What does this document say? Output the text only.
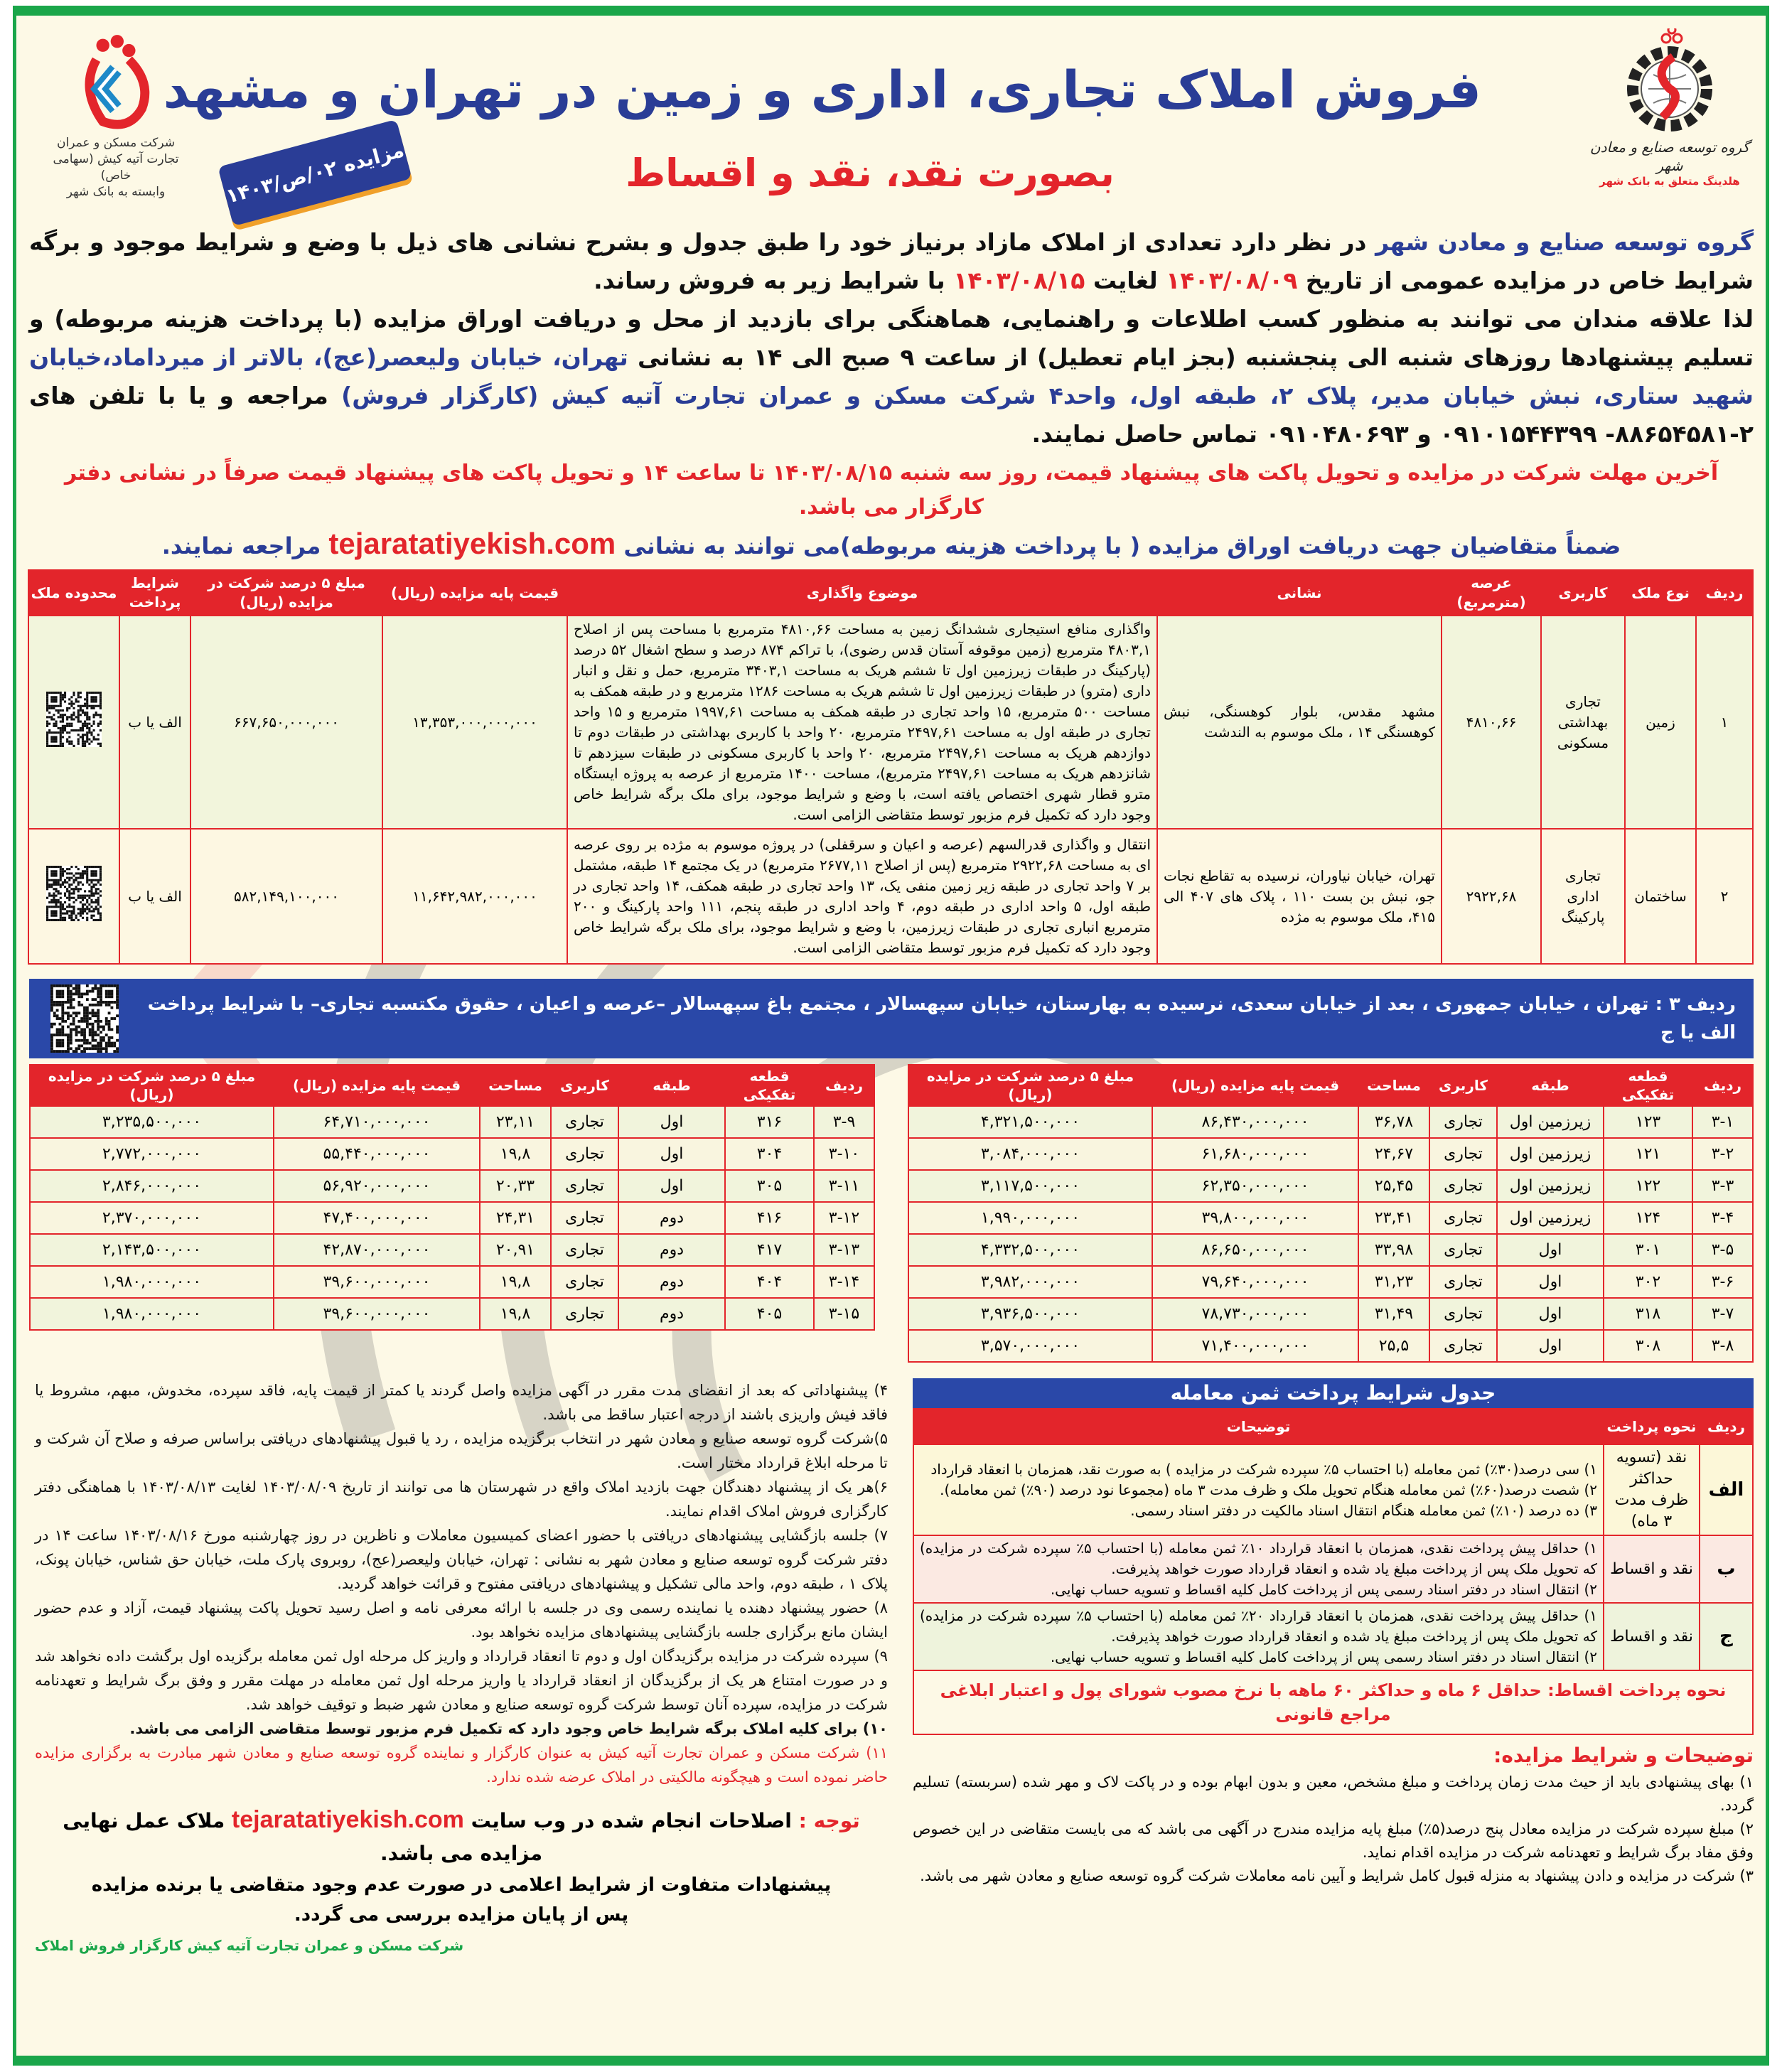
گروه توسعه صنایع و معادن شهر
هلدینگ متعلق به بانک شهر
شرکت مسکن و عمران
تجارت آتیه کیش (سهامی خاص)
وابسته به بانک شهر
فروش املاک تجاری، اداری و زمین در تهران و مشهد
بصورت نقد، نقد و اقساط
مزایده ۰۲/ص/۱۴۰۳
گروه توسعه صنایع و معادن شهر در نظر دارد تعدادی از املاک مازاد برنیاز خود را طبق جدول و بشرح نشانی های ذیل با وضع و شرایط موجود و برگه شرایط خاص در مزایده عمومی از تاریخ ۱۴۰۳/۰۸/۰۹ لغایت ۱۴۰۳/۰۸/۱۵ با شرایط زیر به فروش رساند.
لذا علاقه مندان می توانند به منظور کسب اطلاعات و راهنمایی، هماهنگی برای بازدید از محل و دریافت اوراق مزایده (با پرداخت هزینه مربوطه) و تسلیم پیشنهادها روزهای شنبه الی پنجشنبه (بجز ایام تعطیل) از ساعت ۹ صبح الی ۱۴ به نشانی تهران، خیابان ولیعصر(عج)، بالاتر از میرداماد،خیابان شهید ستاری، نبش خیابان مدیر، پلاک ۲، طبقه اول، واحد۴ شرکت مسکن و عمران تجارت آتیه کیش (کارگزار فروش) مراجعه و یا با تلفن های ۲-۸۸۶۵۴۵۸۱- ۰۹۱۰۱۵۴۴۳۹۹ و ۰۹۱۰۴۸۰۶۹۳ تماس حاصل نمایند.
آخرین مهلت شرکت در مزایده و تحویل پاکت های پیشنهاد قیمت، روز سه شنبه ۱۴۰۳/۰۸/۱۵ تا ساعت ۱۴ و تحویل پاکت های پیشنهاد قیمت صرفاً در نشانی دفتر کارگزار می باشد.
ضمناً متقاضیان جهت دریافت اوراق مزایده ( با پرداخت هزینه مربوطه)می توانند به نشانی tejaratatiyekish.com مراجعه نمایند.
ردیف	نوع ملک	کاربری	عرصه (مترمربع)	نشانی	موضوع واگذاری	قیمت پایه مزایده (ریال)	مبلغ ۵ درصد شرکت در مزایده (ریال)	شرایط پرداخت	محدوده ملک
۱	زمین	تجاری بهداشتی مسکونی	۴۸۱۰,۶۶	مشهد مقدس، بلوار کوهسنگی، نبش کوهسنگی ۱۴ ، ملک موسوم به الندشت	واگذاری منافع استیجاری ششدانگ زمین به مساحت ۴۸۱۰,۶۶ مترمربع با مساحت پس از اصلاح ۴۸۰۳,۱ مترمربع (زمین موقوفه آستان قدس رضوی)، با تراکم ۸۷۴ درصد و سطح اشغال ۵۲ درصد (پارکینگ در طبقات زیرزمین اول تا ششم هریک به مساحت ۳۴۰۳,۱ مترمربع، حمل و نقل و انبار داری (مترو) در طبقات زیرزمین اول تا ششم هریک به مساحت ۱۲۸۶ مترمربع و در طبقه همکف به مساحت ۵۰۰ مترمربع، ۱۵ واحد تجاری در طبقه همکف به مساحت ۱۹۹۷,۶۱ مترمربع و ۱۵ واحد تجاری در طبقه اول به مساحت ۲۴۹۷,۶۱ مترمربع، ۲۰ واحد با کاربری بهداشتی در طبقات دوم تا دوازدهم هریک به مساحت ۲۴۹۷,۶۱ مترمربع، ۲۰ واحد با کاربری مسکونی در طبقات سیزدهم تا شانزدهم هریک به مساحت ۲۴۹۷,۶۱ مترمربع)، مساحت ۱۴۰۰ مترمربع از عرصه به پروژه ایستگاه مترو قطار شهری اختصاص یافته است، با وضع و شرایط موجود، برای ملک برگه شرایط خاص وجود دارد که تکمیل فرم مزبور توسط متقاضی الزامی است.	۱۳,۳۵۳,۰۰۰,۰۰۰,۰۰۰	۶۶۷,۶۵۰,۰۰۰,۰۰۰	الف یا ب	
۲	ساختمان	تجاری اداری پارکینگ	۲۹۲۲,۶۸	تهران، خیابان نیاوران، نرسیده به تقاطع نجات جو، نبش بن بست ۱۱۰ ، پلاک های ۴۰۷ الی ۴۱۵، ملک موسوم به مژده	انتقال و واگذاری قدرالسهم (عرصه و اعیان و سرقفلی) در پروژه موسوم به مژده بر روی عرصه ای به مساحت ۲۹۲۲,۶۸ مترمربع (پس از اصلاح ۲۶۷۷,۱۱ مترمربع) در یک مجتمع ۱۴ طبقه، مشتمل بر ۷ واحد تجاری در طبقه زیر زمین منفی یک، ۱۳ واحد تجاری در طبقه همکف، ۱۴ واحد تجاری در طبقه اول، ۵ واحد اداری در طبقه دوم، ۴ واحد اداری در طبقه پنجم، ۱۱۱ واحد پارکینگ و ۲۰۰ مترمربع انباری تجاری در طبقات زیرزمین، با وضع و شرایط موجود، برای ملک برگه شرایط خاص وجود دارد که تکمیل فرم مزبور توسط متقاضی الزامی است.	۱۱,۶۴۲,۹۸۲,۰۰۰,۰۰۰	۵۸۲,۱۴۹,۱۰۰,۰۰۰	الف یا ب	
ردیف ۳ : تهران ، خیابان جمهوری ، بعد از خیابان سعدی، نرسیده به بهارستان، خیابان سپهسالار ، مجتمع باغ سپهسالار –عرصه و اعیان ، حقوق مکتسبه تجاری– با شرایط پرداخت الف یا ج
ردیف	قطعه تفکیکی	طبقه	کاربری	مساحت	قیمت پایه مزایده (ریال)	مبلغ ۵ درصد شرکت در مزایده (ریال)
۳-۱	۱۲۳	زیرزمین اول	تجاری	۳۶,۷۸	۸۶,۴۳۰,۰۰۰,۰۰۰	۴,۳۲۱,۵۰۰,۰۰۰
۳-۲	۱۲۱	زیرزمین اول	تجاری	۲۴,۶۷	۶۱,۶۸۰,۰۰۰,۰۰۰	۳,۰۸۴,۰۰۰,۰۰۰
۳-۳	۱۲۲	زیرزمین اول	تجاری	۲۵,۴۵	۶۲,۳۵۰,۰۰۰,۰۰۰	۳,۱۱۷,۵۰۰,۰۰۰
۳-۴	۱۲۴	زیرزمین اول	تجاری	۲۳,۴۱	۳۹,۸۰۰,۰۰۰,۰۰۰	۱,۹۹۰,۰۰۰,۰۰۰
۳-۵	۳۰۱	اول	تجاری	۳۳,۹۸	۸۶,۶۵۰,۰۰۰,۰۰۰	۴,۳۳۲,۵۰۰,۰۰۰
۳-۶	۳۰۲	اول	تجاری	۳۱,۲۳	۷۹,۶۴۰,۰۰۰,۰۰۰	۳,۹۸۲,۰۰۰,۰۰۰
۳-۷	۳۱۸	اول	تجاری	۳۱,۴۹	۷۸,۷۳۰,۰۰۰,۰۰۰	۳,۹۳۶,۵۰۰,۰۰۰
۳-۸	۳۰۸	اول	تجاری	۲۵,۵	۷۱,۴۰۰,۰۰۰,۰۰۰	۳,۵۷۰,۰۰۰,۰۰۰
ردیف	قطعه تفکیکی	طبقه	کاربری	مساحت	قیمت پایه مزایده (ریال)	مبلغ ۵ درصد شرکت در مزایده (ریال)
۳-۹	۳۱۶	اول	تجاری	۲۳,۱۱	۶۴,۷۱۰,۰۰۰,۰۰۰	۳,۲۳۵,۵۰۰,۰۰۰
۳-۱۰	۳۰۴	اول	تجاری	۱۹,۸	۵۵,۴۴۰,۰۰۰,۰۰۰	۲,۷۷۲,۰۰۰,۰۰۰
۳-۱۱	۳۰۵	اول	تجاری	۲۰,۳۳	۵۶,۹۲۰,۰۰۰,۰۰۰	۲,۸۴۶,۰۰۰,۰۰۰
۳-۱۲	۴۱۶	دوم	تجاری	۲۴,۳۱	۴۷,۴۰۰,۰۰۰,۰۰۰	۲,۳۷۰,۰۰۰,۰۰۰
۳-۱۳	۴۱۷	دوم	تجاری	۲۰,۹۱	۴۲,۸۷۰,۰۰۰,۰۰۰	۲,۱۴۳,۵۰۰,۰۰۰
۳-۱۴	۴۰۴	دوم	تجاری	۱۹,۸	۳۹,۶۰۰,۰۰۰,۰۰۰	۱,۹۸۰,۰۰۰,۰۰۰
۳-۱۵	۴۰۵	دوم	تجاری	۱۹,۸	۳۹,۶۰۰,۰۰۰,۰۰۰	۱,۹۸۰,۰۰۰,۰۰۰
جدول شرایط پرداخت ثمن معامله
ردیف	نحوه پرداخت	توضیحات
الف	نقد (تسویه حداکثر ظرف مدت ۳ ماه)	۱) سی درصد(۳۰٪) ثمن معامله (با احتساب ۵٪ سپرده شرکت در مزایده ) به صورت نقد، همزمان با انعقاد قرارداد
۲) شصت درصد(۶۰٪) ثمن معامله هنگام تحویل ملک و ظرف مدت ۳ ماه (مجموعا نود درصد (۹۰٪) ثمن معامله).
۳) ده درصد (۱۰٪) ثمن معامله هنگام انتقال اسناد مالکیت در دفتر اسناد رسمی.

ب	نقد و اقساط	۱) حداقل پیش پرداخت نقدی، همزمان با انعقاد قرارداد ۱۰٪ ثمن معامله (با احتساب ۵٪ سپرده شرکت در مزایده) که تحویل ملک پس از پرداخت مبلغ یاد شده و انعقاد قرارداد صورت خواهد پذیرفت.
۲) انتقال اسناد در دفتر اسناد رسمی پس از پرداخت کامل کلیه اقساط و تسویه حساب نهایی.

ج	نقد و اقساط	۱) حداقل پیش پرداخت نقدی، همزمان با انعقاد قرارداد ۲۰٪ ثمن معامله (با احتساب ۵٪ سپرده شرکت در مزایده) که تحویل ملک پس از پرداخت مبلغ یاد شده و انعقاد قرارداد صورت خواهد پذیرفت.
۲) انتقال اسناد در دفتر اسناد رسمی پس از پرداخت کامل کلیه اقساط و تسویه حساب نهایی.
نحوه پرداخت اقساط: حداقل ۶ ماه و حداکثر ۶۰ ماهه با نرخ مصوب شورای پول و اعتبار ابلاغی مراجع قانونی
توضیحات و شرایط مزایده:
۱) بهای پیشنهادی باید از حیث مدت زمان پرداخت و مبلغ مشخص، معین و بدون ابهام بوده و در پاکت لاک و مهر شده (سربسته) تسلیم گردد.
۲) مبلغ سپرده شرکت در مزایده معادل پنج درصد(۵٪) مبلغ پایه مزایده مندرج در آگهی می باشد که می بایست متقاضی در این خصوص وفق مفاد برگ شرایط و تعهدنامه شرکت در مزایده اقدام نماید.
۳) شرکت در مزایده و دادن پیشنهاد به منزله قبول کامل شرایط و آیین نامه معاملات شرکت گروه توسعه صنایع و معادن شهر می باشد.
۴) پیشنهاداتی که بعد از انقضای مدت مقرر در آگهی مزایده واصل گردند یا کمتر از قیمت پایه، فاقد سپرده، مخدوش، مبهم، مشروط یا فاقد فیش واریزی باشند از درجه اعتبار ساقط می باشد.
۵)شرکت گروه توسعه صنایع و معادن شهر در انتخاب برگزیده مزایده ، رد یا قبول پیشنهادهای دریافتی براساس صرفه و صلاح آن شرکت و تا مرحله ابلاغ قرارداد مختار است.
۶)هر یک از پیشنهاد دهندگان جهت بازدید املاک واقع در شهرستان ها می توانند از تاریخ ۱۴۰۳/۰۸/۰۹ لغایت ۱۴۰۳/۰۸/۱۳ با هماهنگی دفتر کارگزاری فروش املاک اقدام نمایند.
۷) جلسه بازگشایی پیشنهادهای دریافتی با حضور اعضای کمیسیون معاملات و ناظرین در روز چهارشنبه مورخ ۱۴۰۳/۰۸/۱۶ ساعت ۱۴ در دفتر شرکت گروه توسعه صنایع و معادن شهر به نشانی : تهران، خیابان ولیعصر(عج)، روبروی پارک ملت، خیابان حق شناس، خیابان پونک، پلاک ۱ ، طبقه دوم، واحد مالی تشکیل و پیشنهادهای دریافتی مفتوح و قرائت خواهد گردید.
۸) حضور پیشنهاد دهنده یا نماینده رسمی وی در جلسه با ارائه معرفی نامه و اصل رسید تحویل پاکت پیشنهاد قیمت، آزاد و عدم حضور ایشان مانع برگزاری جلسه بازگشایی پیشنهادهای مزایده نخواهد بود.
۹) سپرده شرکت در مزایده برگزیدگان اول و دوم تا انعقاد قرارداد و واریز کل مرحله اول ثمن معامله برگزیده اول برگشت داده نخواهد شد و در صورت امتناع هر یک از برگزیدگان از انعقاد قرارداد یا واریز مرحله اول ثمن معامله در مهلت مقرر و وفق برگ شرایط و تعهدنامه شرکت در مزایده، سپرده آنان توسط شرکت گروه توسعه صنایع و معادن شهر ضبط و توقیف خواهد شد.
۱۰) برای کلیه املاک برگه شرایط خاص وجود دارد که تکمیل فرم مزبور توسط متقاضی الزامی می باشد.
۱۱) شرکت مسکن و عمران تجارت آتیه کیش به عنوان کارگزار و نماینده گروه توسعه صنایع و معادن شهر مبادرت به برگزاری مزایده حاضر نموده است و هیچگونه مالکیتی در املاک عرضه شده ندارد.
توجه : اصلاحات انجام شده در وب سایت tejaratatiyekish.com ملاک عمل نهایی مزایده می باشد.
پیشنهادات متفاوت از شرایط اعلامی در صورت عدم وجود متقاضی یا برنده مزایده
پس از پایان مزایده بررسی می گردد.
شرکت مسکن و عمران تجارت آتیه کیش کارگزار فروش املاک
